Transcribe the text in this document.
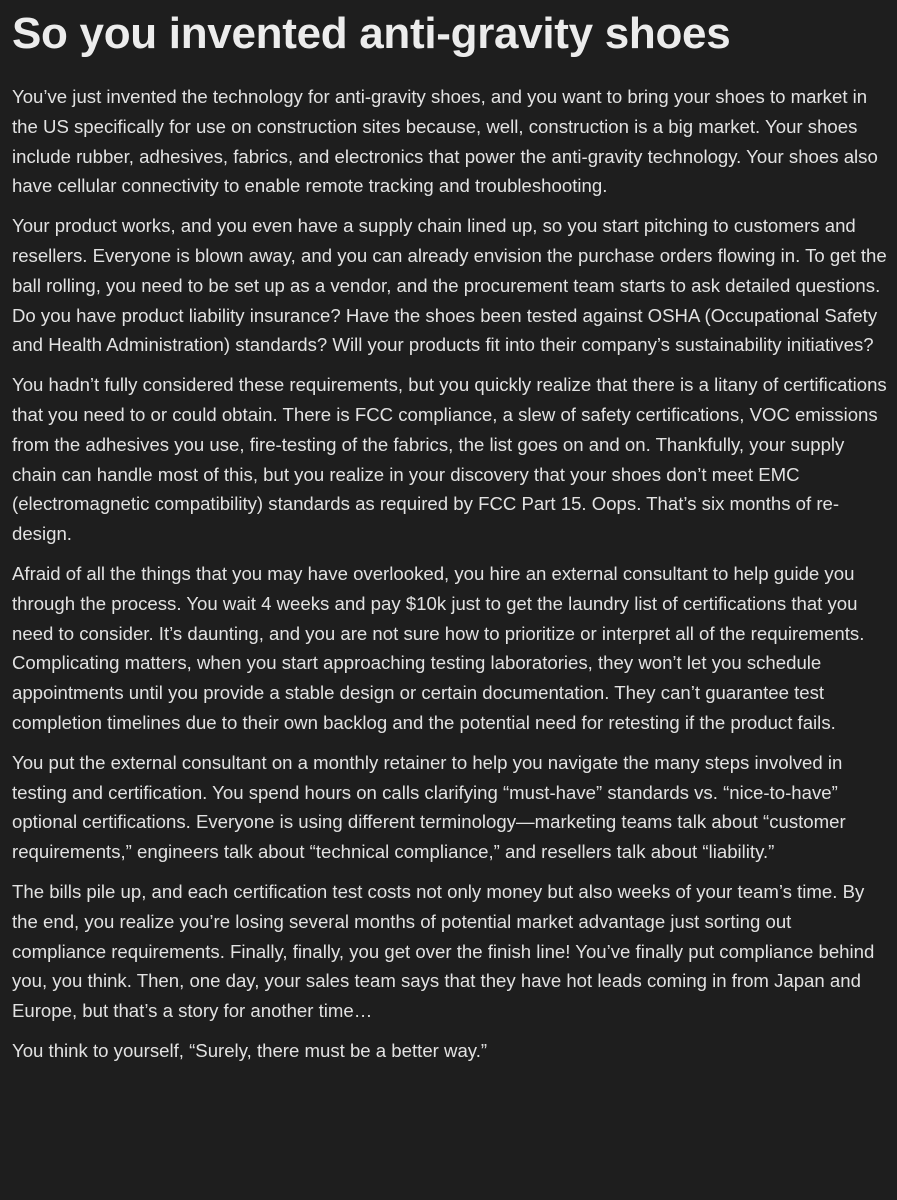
So you invented anti-gravity shoes

You’ve just invented the technology for anti-gravity shoes, and you want to bring your shoes to market in the US specifically for use on construction sites because, well, construction is a big market. Your shoes include rubber, adhesives, fabrics, and electronics that power the anti-gravity technology. Your shoes also have cellular connectivity to enable remote tracking and troubleshooting.

Your product works, and you even have a supply chain lined up, so you start pitching to customers and resellers. Everyone is blown away, and you can already envision the purchase orders flowing in. To get the ball rolling, you need to be set up as a vendor, and the procurement team starts to ask detailed questions. Do you have product liability insurance? Have the shoes been tested against OSHA (Occupational Safety and Health Administration) standards? Will your products fit into their company’s sustainability initiatives?

You hadn’t fully considered these requirements, but you quickly realize that there is a litany of certifications that you need to or could obtain. There is FCC compliance, a slew of safety certifications, VOC emissions from the adhesives you use, fire-testing of the fabrics, the list goes on and on. Thankfully, your supply chain can handle most of this, but you realize in your discovery that your shoes don’t meet EMC (electromagnetic compatibility) standards as required by FCC Part 15. Oops. That’s six months of re-design.

Afraid of all the things that you may have overlooked, you hire an external consultant to help guide you through the process. You wait 4 weeks and pay $10k just to get the laundry list of certifications that you need to consider. It’s daunting, and you are not sure how to prioritize or interpret all of the requirements. Complicating matters, when you start approaching testing laboratories, they won’t let you schedule appointments until you provide a stable design or certain documentation. They can’t guarantee test completion timelines due to their own backlog and the potential need for retesting if the product fails.

You put the external consultant on a monthly retainer to help you navigate the many steps involved in testing and certification. You spend hours on calls clarifying “must-have” standards vs. “nice-to-have” optional certifications. Everyone is using different terminology—marketing teams talk about “customer requirements,” engineers talk about “technical compliance,” and resellers talk about “liability.”

The bills pile up, and each certification test costs not only money but also weeks of your team’s time. By the end, you realize you’re losing several months of potential market advantage just sorting out compliance requirements. Finally, finally, you get over the finish line! You’ve finally put compliance behind you, you think. Then, one day, your sales team says that they have hot leads coming in from Japan and Europe, but that’s a story for another time…

You think to yourself, “Surely, there must be a better way.”
